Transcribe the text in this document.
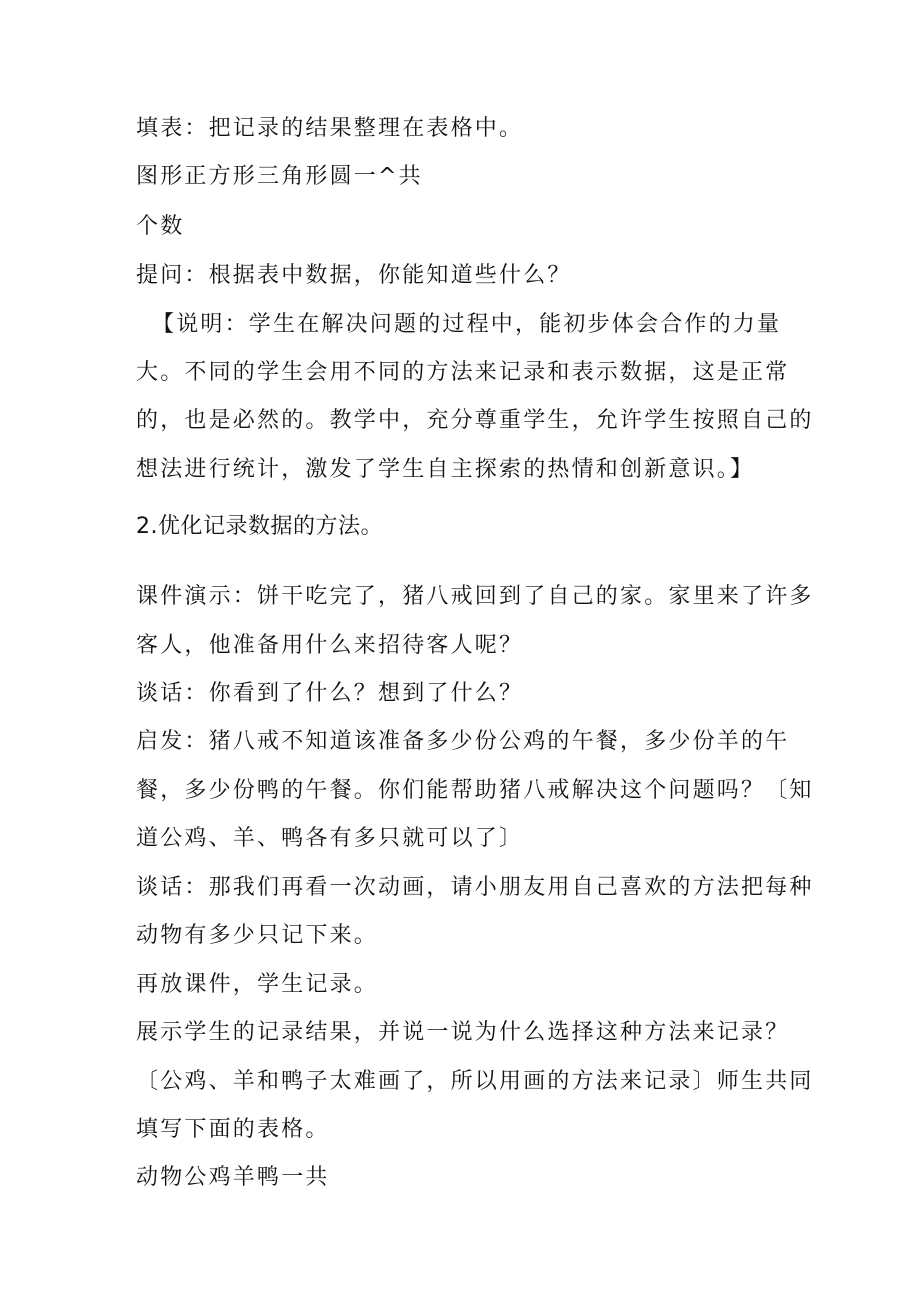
填表：把记录的结果整理在表格中。
图形正方形三角形圆一^共
个数
提问：根据表中数据，你能知道些什么？
【说明：学生在解决问题的过程中，能初步体会合作的力量
大。不同的学生会用不同的方法来记录和表示数据，这是正常
的，也是必然的。教学中，充分尊重学生，允许学生按照自己的
想法进行统计，激发了学生自主探索的热情和创新意识。】
2.优化记录数据的方法。
课件演示：饼干吃完了，猪八戒回到了自己的家。家里来了许多
客人，他准备用什么来招待客人呢？
谈话：你看到了什么？想到了什么？
启发：猪八戒不知道该准备多少份公鸡的午餐，多少份羊的午
餐，多少份鸭的午餐。你们能帮助猪八戒解决这个问题吗？〔知
道公鸡、羊、鸭各有多只就可以了〕
谈话：那我们再看一次动画，请小朋友用自己喜欢的方法把每种
动物有多少只记下来。
再放课件，学生记录。
展示学生的记录结果，并说一说为什么选择这种方法来记录？
〔公鸡、羊和鸭子太难画了，所以用画的方法来记录〕师生共同
填写下面的表格。
动物公鸡羊鸭一共
